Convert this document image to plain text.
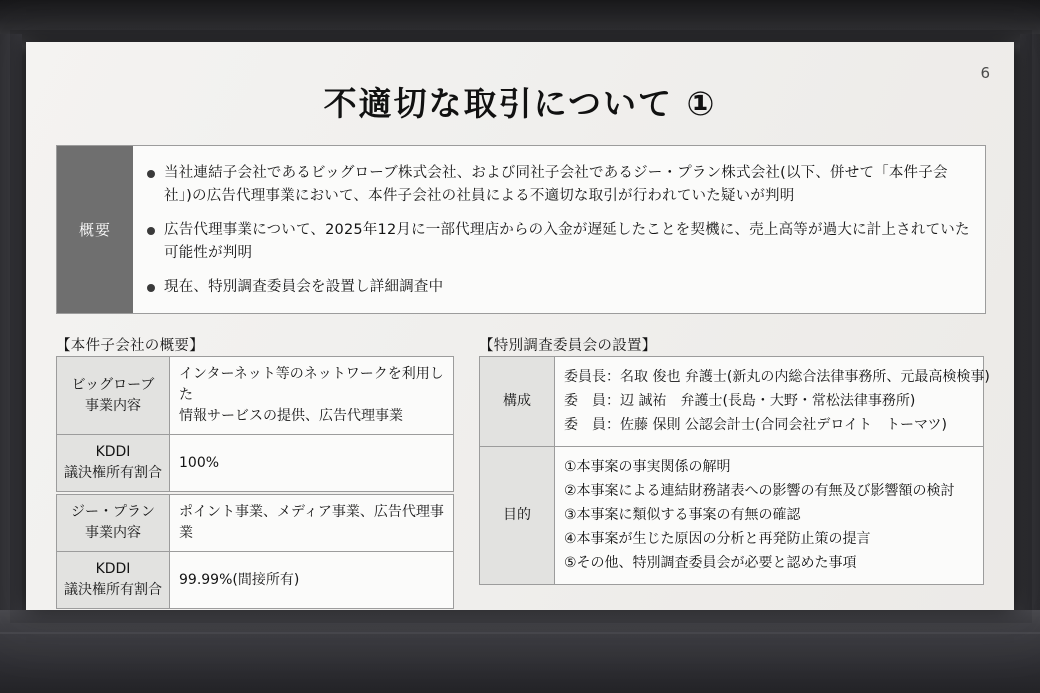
6
不適切な取引について ①
概要
当社連結子会社であるビッグローブ株式会社、および同社子会社であるジー・プラン株式会社(以下、併せて「本件子会社」)の広告代理事業において、本件子会社の社員による不適切な取引が行われていた疑いが判明
広告代理事業について、2025年12月に一部代理店からの入金が遅延したことを契機に、売上高等が過大に計上されていた可能性が判明
現在、特別調査委員会を設置し詳細調査中
【本件子会社の概要】	【特別調査委員会の設置】
ビッグローブ
事業内容	インターネット等のネットワークを利用した
情報サービスの提供、広告代理事業
KDDI
議決権所有割合	100%
ジー・プラン
事業内容	ポイント事業、メディア事業、広告代理事業
KDDI
議決権所有割合	99.99%(間接所有)
構成	委員長：名取 俊也 弁護士(新丸の内総合法律事務所、元最高検検事)
委　員：辺 誠祐　弁護士(長島・大野・常松法律事務所)
委　員：佐藤 保則 公認会計士(合同会社デロイト　トーマツ)

目的	①本事案の事実関係の解明
②本事案による連結財務諸表への影響の有無及び影響額の検討
③本事案に類似する事案の有無の確認
④本事案が生じた原因の分析と再発防止策の提言
⑤その他、特別調査委員会が必要と認めた事項
